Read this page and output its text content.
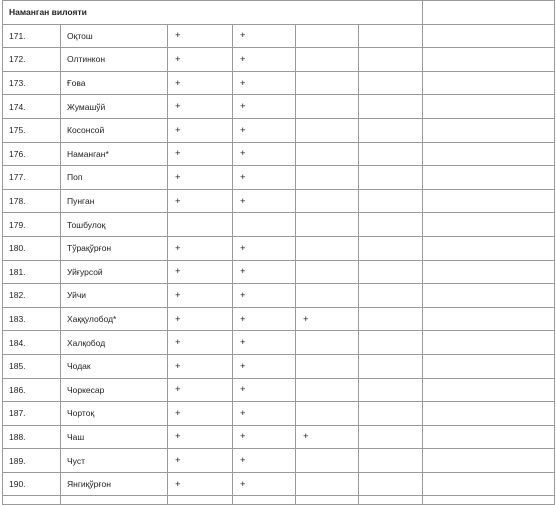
Наманган вилояти						
171.	Оқтош	+	+			
172.	Олтинкон	+	+			
173.	Ғова	+	+			
174.	Жумашўй	+	+			
175.	Косонсой	+	+			
176.	Наманган*	+	+			
177.	Поп	+	+			
178.	Пунган	+	+			
179.	Тошбулоқ					
180.	Тўрақўрғон	+	+			
181.	Уйғурсой	+	+			
182.	Уйчи	+	+			
183.	Хаққулобод*	+	+	+		
184.	Халқобод	+	+			
185.	Чодак	+	+			
186.	Чоркесар	+	+			
187.	Чортоқ	+	+			
188.	Чаш	+	+	+		
189.	Чуст	+	+			
190.	Янгиқўрғон	+	+			
